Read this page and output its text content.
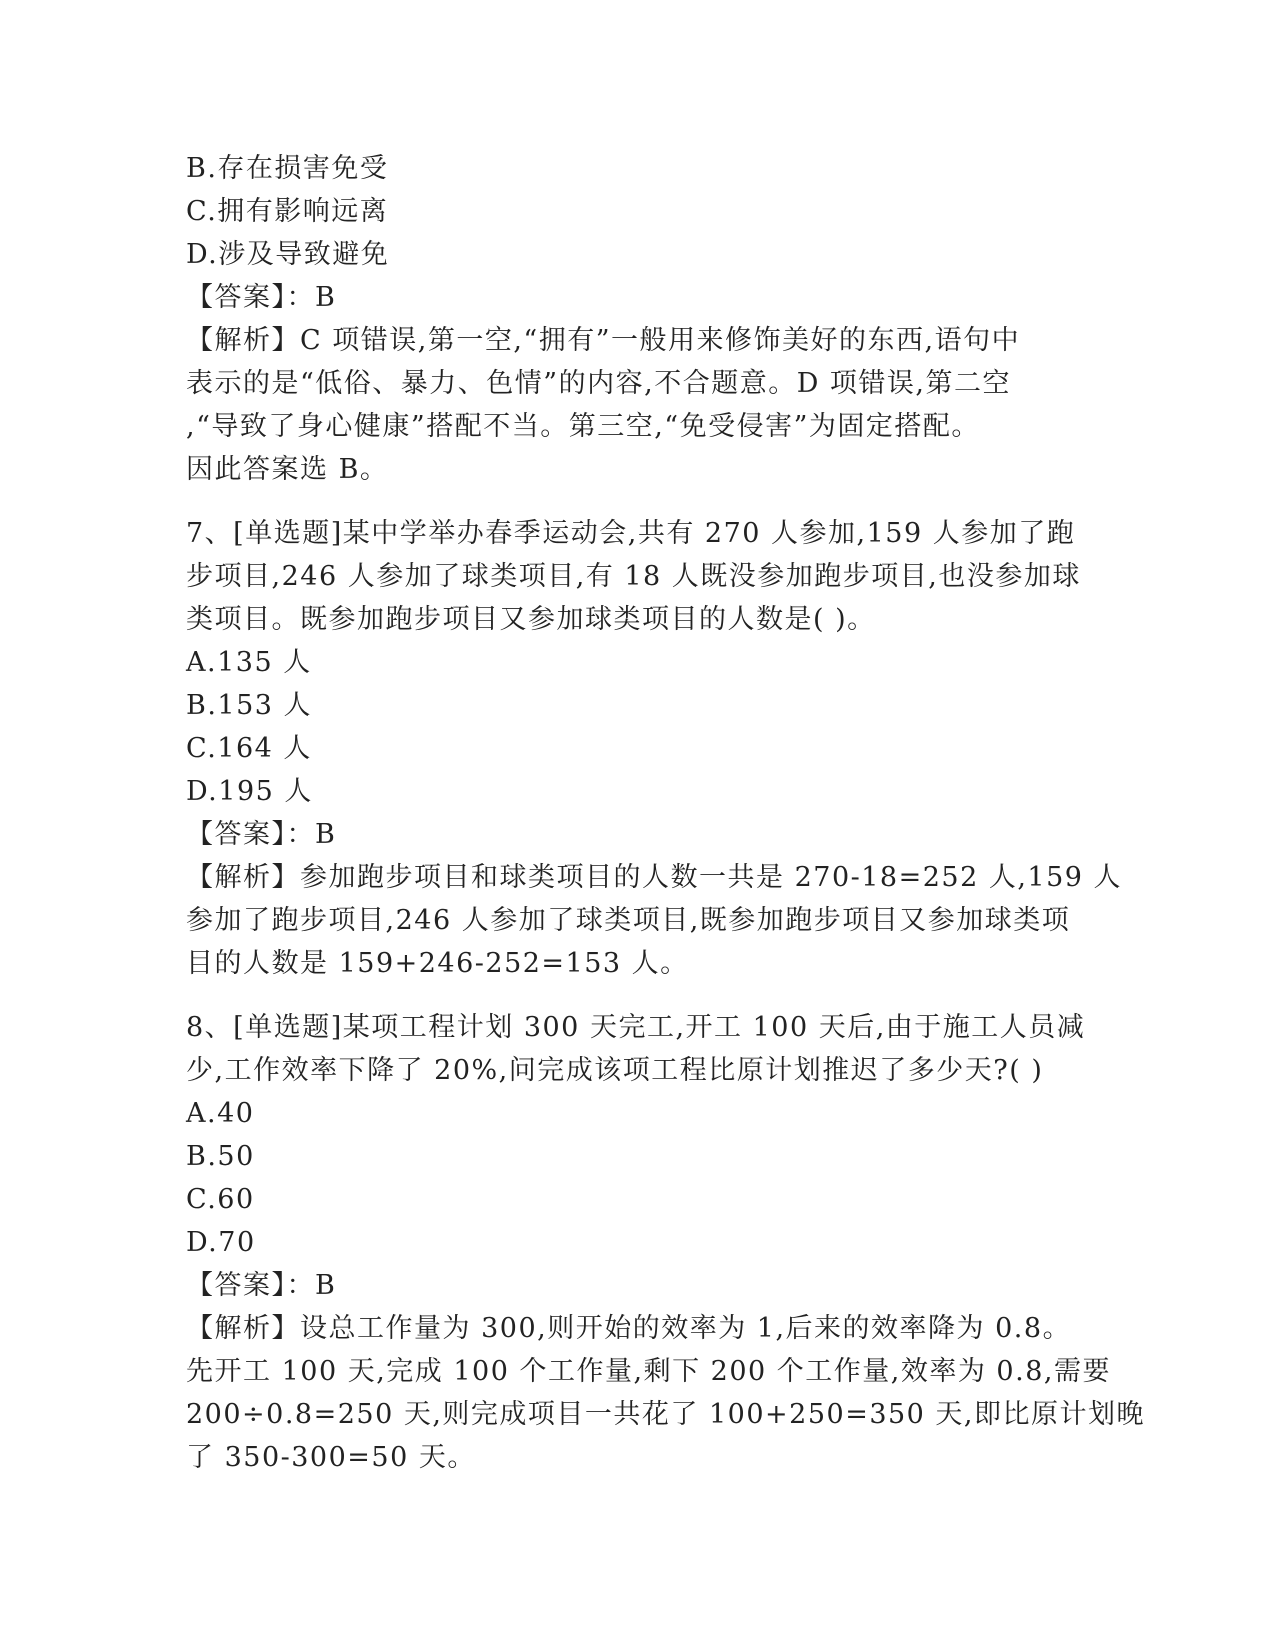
B.存在损害免受
C.拥有影响远离
D.涉及导致避免
【答案】：B
【解析】C 项错误,第一空,“拥有”一般用来修饰美好的东西,语句中
表示的是“低俗、暴力、色情”的内容,不合题意。D 项错误,第二空
,“导致了身心健康”搭配不当。第三空,“免受侵害”为固定搭配。
因此答案选 B。
7、[单选题]某中学举办春季运动会,共有 270 人参加,159 人参加了跑
步项目,246 人参加了球类项目,有 18 人既没参加跑步项目,也没参加球
类项目。既参加跑步项目又参加球类项目的人数是( )。
A.135 人
B.153 人
C.164 人
D.195 人
【答案】：B
【解析】参加跑步项目和球类项目的人数一共是 270-18=252 人,159 人
参加了跑步项目,246 人参加了球类项目,既参加跑步项目又参加球类项
目的人数是 159+246-252=153 人。
8、[单选题]某项工程计划 300 天完工,开工 100 天后,由于施工人员减
少,工作效率下降了 20%,问完成该项工程比原计划推迟了多少天?( )
A.40
B.50
C.60
D.70
【答案】：B
【解析】设总工作量为 300,则开始的效率为 1,后来的效率降为 0.8。
先开工 100 天,完成 100 个工作量,剩下 200 个工作量,效率为 0.8,需要
200÷0.8=250 天,则完成项目一共花了 100+250=350 天,即比原计划晚
了 350-300=50 天。
